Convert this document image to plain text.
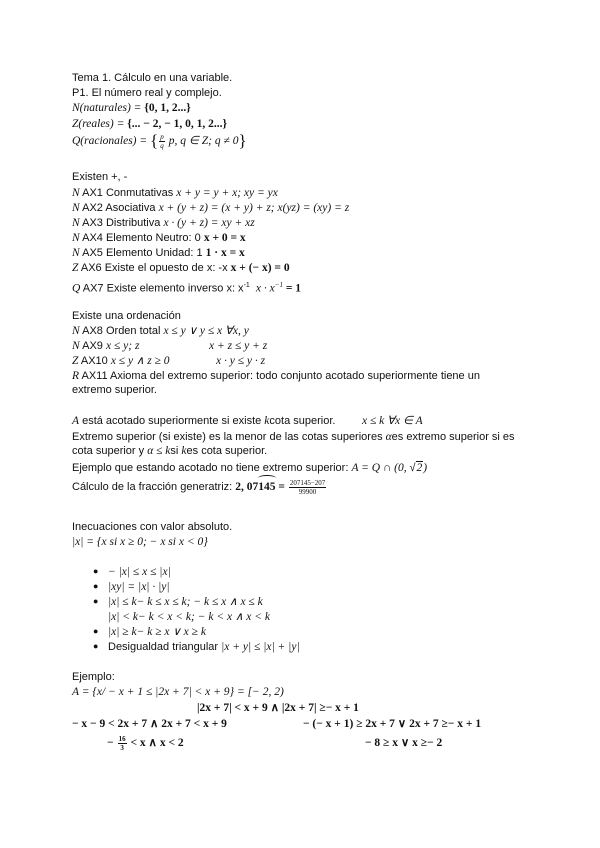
Tema 1. Cálculo en una variable.
P1. El número real y complejo.
N(naturales) = {0, 1, 2...}
Z(reales) = {... − 2, − 1, 0, 1, 2...}
Q(racionales) = { $\frac{p}{q} p$, q ∈ Z; q ≠ 0}
Existen +, -
N AX1 Conmutativas x + y = y + x; xy = yx
N AX2 Asociativa x + (y + z) = (x + y) + z; x(yz) = (xy) = z
N AX3 Distributiva x · (y + z) = xy + xz
N AX4 Elemento Neutro: 0 x + 0 = x
N AX5 Elemento Unidad: 1 1 · x = x
Z AX6 Existe el opuesto de x: -x x + (− x) = 0
Q AX7 Existe elemento inverso x: $x^{-1}$ $x \cdot x^{-1} = 1$
Existe una ordenación
N AX8 Orden total x ≤ y ∨ y ≤ x ∀x, y
N AX9 x ≤ y; z	x + z ≤ y + z
Z AX10 x ≤ y ∧ z ≥ 0	x · y ≤ y · z
R AX11 Axioma del extremo superior: todo conjunto acotado superiormente tiene un
extremo superior.
A está acotado superiormente si existe kcota superior. x ≤ k ∀x ∈ A
Extremo superior (si existe) es la menor de las cotas superiores αes extremo superior si es
cota superior y α ≤ ksi kes cota superior.
Ejemplo que estando acotado no tiene extremo superior: A = Q ∩ (0, √2)
Cálculo de la fracción generatriz: 2, $07145 = \frac{207145-207}{99900}$
Inecuaciones con valor absoluto.
|x| = {x si x ≥ 0; − x si x < 0}
● − |x| ≤ x ≤ |x|
● |xy| = |x| · |y|
● |x| ≤ k− k ≤ x ≤ k; − k ≤ x ∧ x ≤ k
|x| < k− k < x < k; − k < x ∧ x < k
● |x| ≥ k− k ≥ x ∨ x ≥ k
● Desigualdad triangular |x + y| ≤ |x| + |y|
Ejemplo:
A = {x/ − x + 1 ≤ |2x + 7| < x + 9} = [− 2, 2)
|2x + 7| < x + 9 ∧ |2x + 7| ≥− x + 1
− x − 9 < 2x + 7 ∧ 2x + 7 < x + 9	− (− x + 1) ≥ 2x + 7 ∨ 2x + 7 ≥− x + 1
− $\frac{16}{3} < x$ ∧ x < 2	− 8 ≥ x ∨ x ≥− 2
